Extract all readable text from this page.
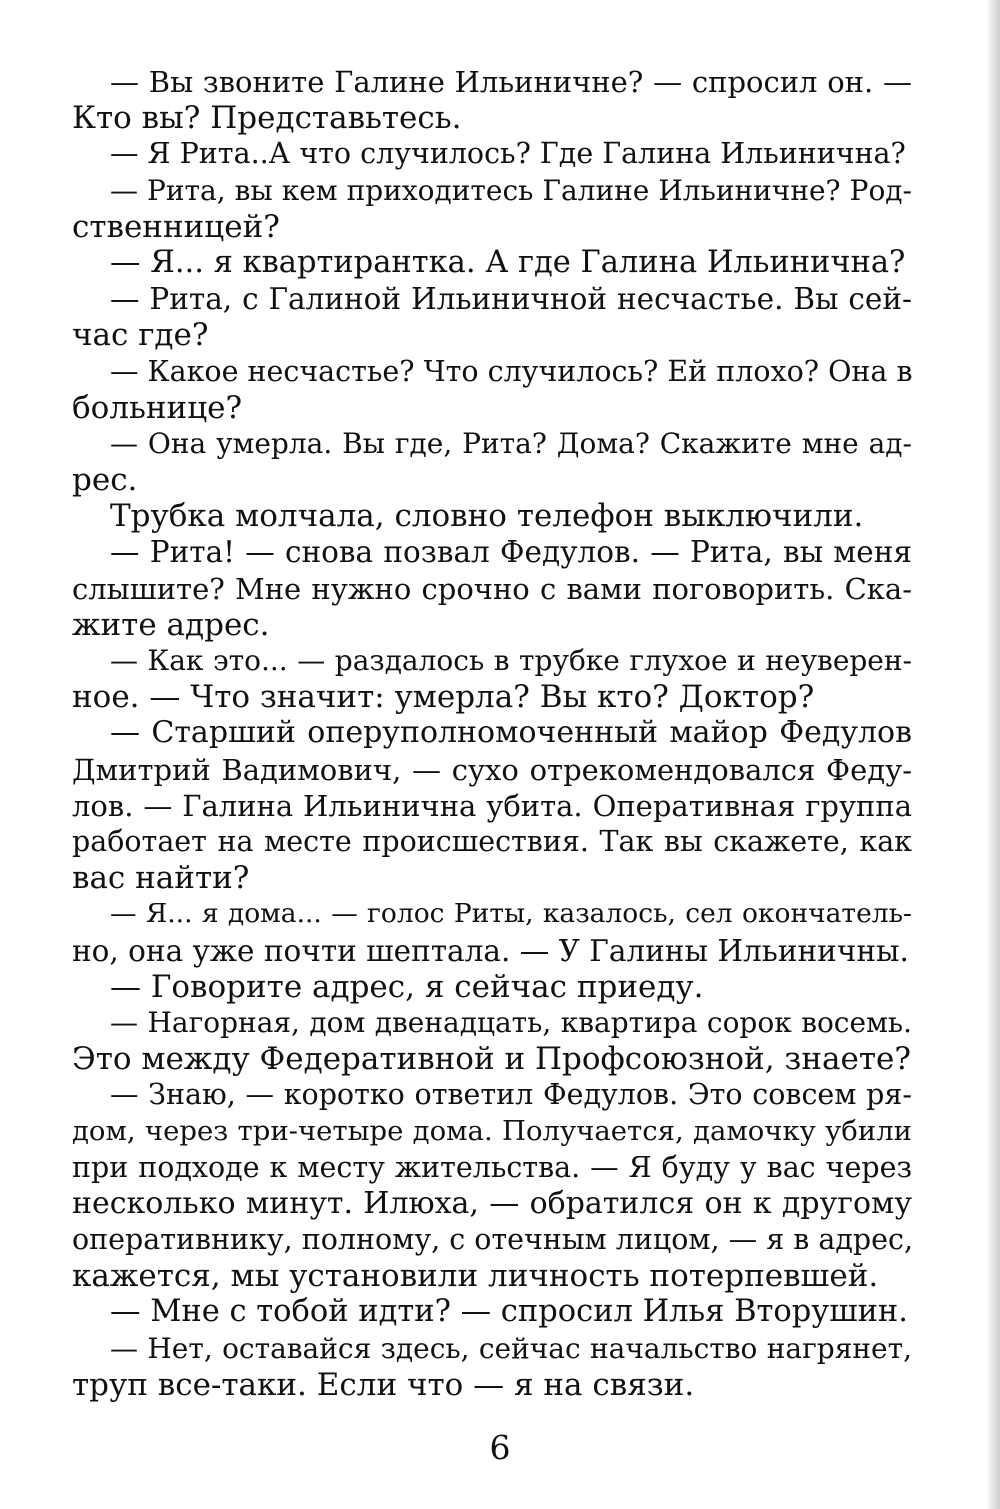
— Вы звоните Галине Ильиничне? — спросил он. —
Кто вы? Представьтесь.
— Я Рита..А что случилось? Где Галина Ильинична?
— Рита, вы кем приходитесь Галине Ильиничне? Род-
ственницей?
— Я... я квартирантка. А где Галина Ильинична?
— Рита, с Галиной Ильиничной несчастье. Вы сей-
час где?
— Какое несчастье? Что случилось? Ей плохо? Она в
больнице?
— Она умерла. Вы где, Рита? Дома? Скажите мне ад-
рес.
Трубка молчала, словно телефон выключили.
— Рита! — снова позвал Федулов. — Рита, вы меня
слышите? Мне нужно срочно с вами поговорить. Ска-
жите адрес.
— Как это... — раздалось в трубке глухое и неуверен-
ное. — Что значит: умерла? Вы кто? Доктор?
— Старший оперуполномоченный майор Федулов
Дмитрий Вадимович, — сухо отрекомендовался Феду-
лов. — Галина Ильинична убита. Оперативная группа
работает на месте происшествия. Так вы скажете, как
вас найти?
— Я... я дома... — голос Риты, казалось, сел окончатель-
но, она уже почти шептала. — У Галины Ильиничны.
— Говорите адрес, я сейчас приеду.
— Нагорная, дом двенадцать, квартира сорок восемь.
Это между Федеративной и Профсоюзной, знаете?
— Знаю, — коротко ответил Федулов. Это совсем ря-
дом, через три-четыре дома. Получается, дамочку убили
при подходе к месту жительства. — Я буду у вас через
несколько минут. Илюха, — обратился он к другому
оперативнику, полному, с отечным лицом, — я в адрес,
кажется, мы установили личность потерпевшей.
— Мне с тобой идти? — спросил Илья Вторушин.
— Нет, оставайся здесь, сейчас начальство нагрянет,
труп все-таки. Если что — я на связи.
6
